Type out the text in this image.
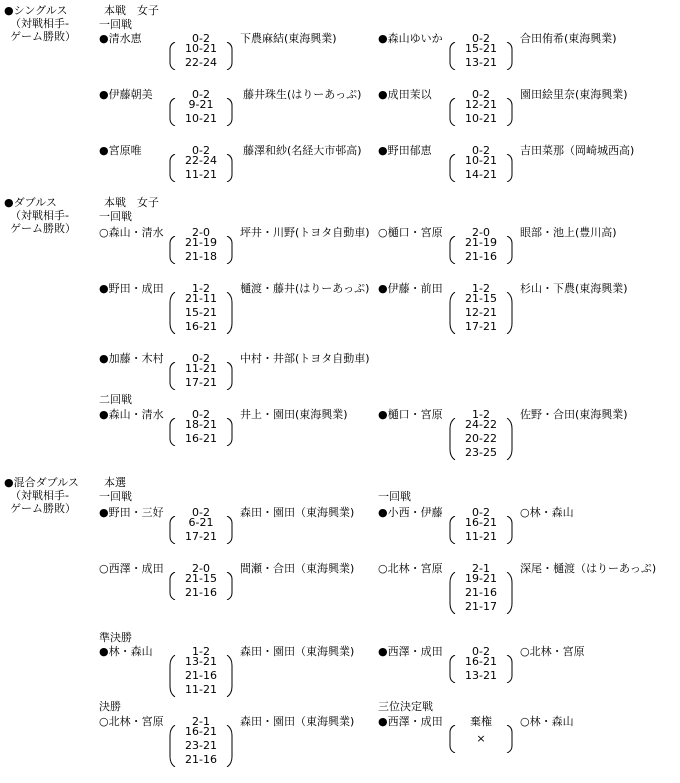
●シングルス
（対戦相手-
ゲーム勝敗）
本戦　女子
一回戦
●ダブルス
（対戦相手-
ゲーム勝敗）
本戦　女子
一回戦
二回戦
●混合ダブルス
（対戦相手-
ゲーム勝敗）
本選
一回戦	一回戦
準決勝
決勝	三位決定戦
●清水恵	0-2	下農麻結(東海興業)
10-21
22-24
●森山ゆいか	0-2	合田侑希(東海興業)
15-21
13-21
●伊藤朝美	0-2	藤井珠生(はりーあっぷ)
9-21
10-21
●成田茉以	0-2	園田絵里奈(東海興業)
12-21
10-21
●宮原唯	0-2	藤澤和紗(名経大市邨高)
22-24
11-21
●野田郁恵	0-2	吉田菜那（岡崎城西高)
10-21
14-21
○森山・清水	2-0	坪井・川野(トヨタ自動車)
21-19
21-18
○樋口・宮原	2-0	眼部・池上(豊川高)
21-19
21-16
●野田・成田	1-2	樋渡・藤井(はりーあっぷ)
21-11
15-21
16-21
●伊藤・前田	1-2	杉山・下農(東海興業)
21-15
12-21
17-21
●加藤・木村	0-2	中村・井部(トヨタ自動車)
11-21
17-21
●森山・清水	0-2	井上・園田(東海興業)
18-21
16-21
●樋口・宮原	1-2	佐野・合田(東海興業)
24-22
20-22
23-25
●野田・三好	0-2	森田・園田（東海興業)
6-21
17-21
●小西・伊藤	0-2	○林・森山
16-21
11-21
○西澤・成田	2-0	間瀬・合田（東海興業)
21-15
21-16
○北林・宮原	2-1	深尾・樋渡（はりーあっぷ)
19-21
21-16
21-17
●林・森山	1-2	森田・園田（東海興業)
13-21
21-16
11-21
●西澤・成田	0-2	○北林・宮原
16-21
13-21
○北林・宮原	2-1	森田・園田（東海興業)
16-21
23-21
21-16
●西澤・成田	棄権	○林・森山
×
